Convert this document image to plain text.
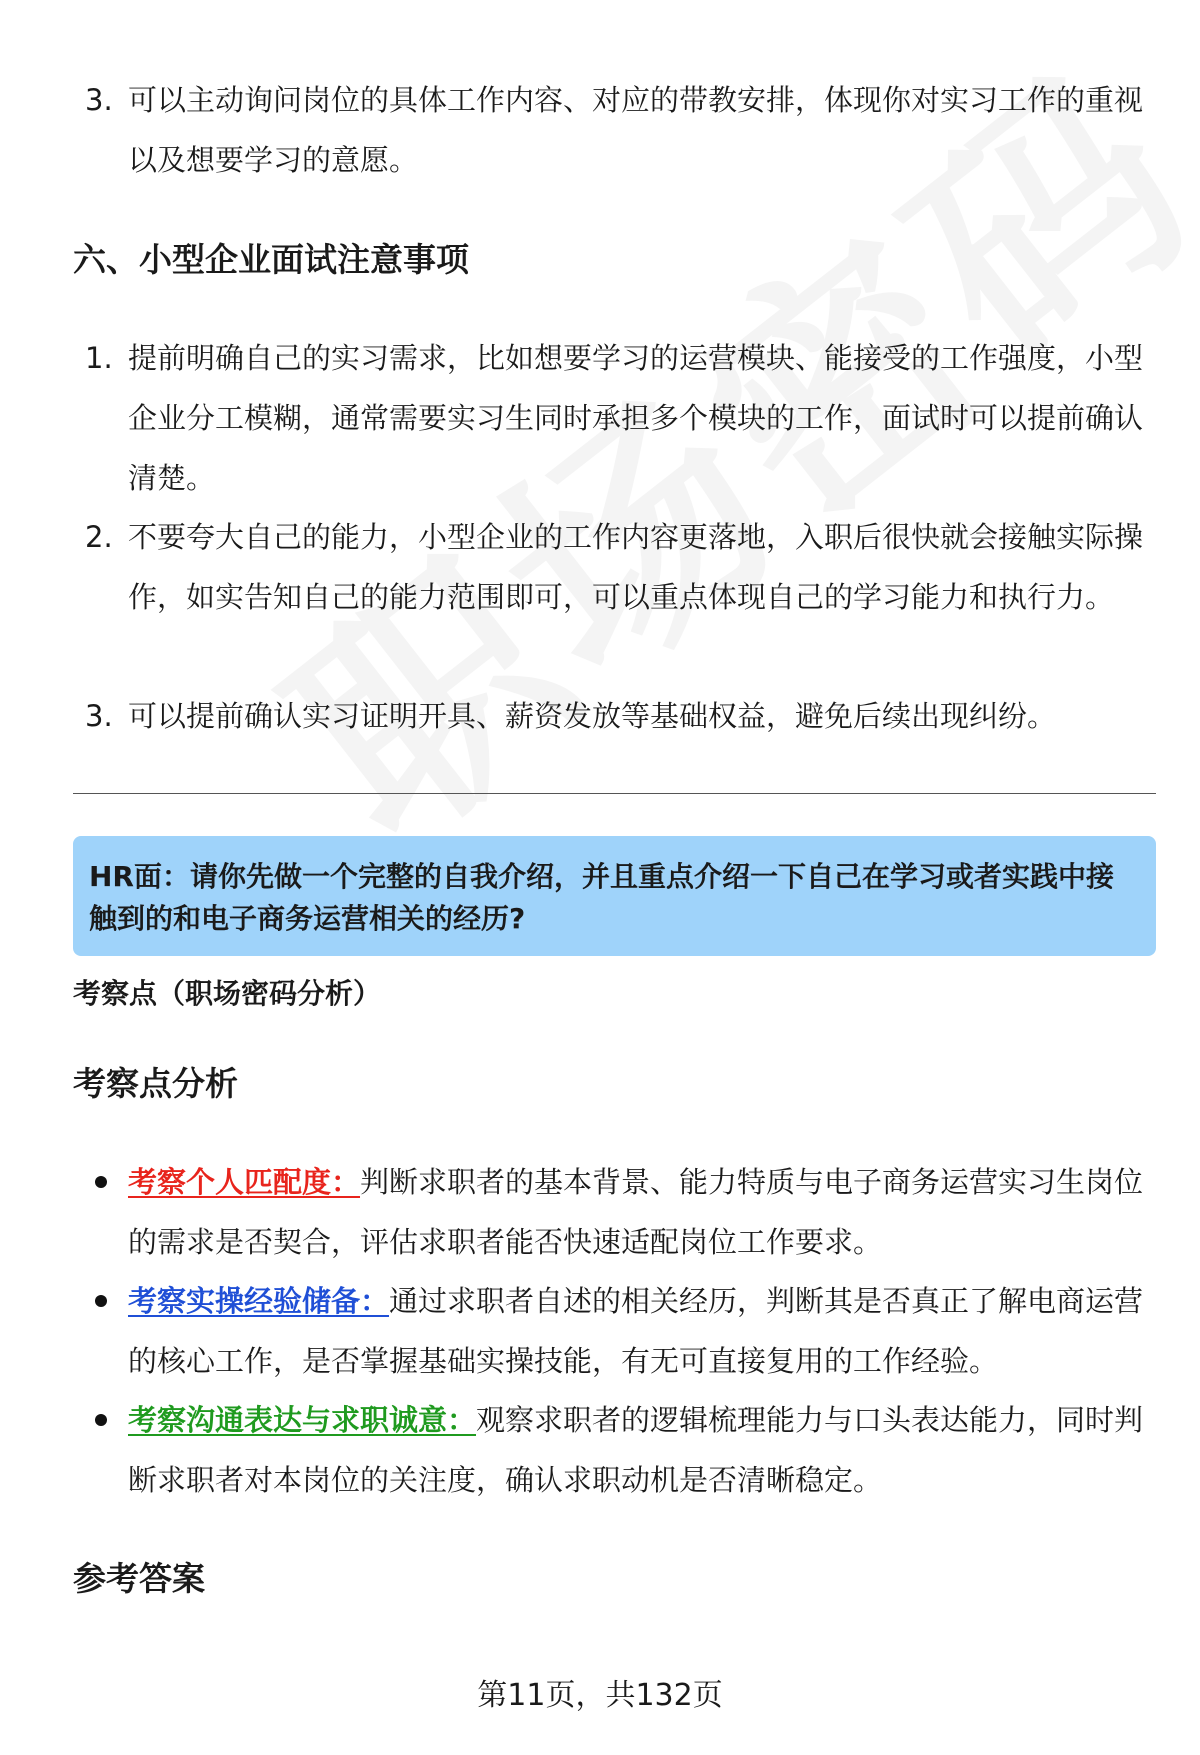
3. 可以主动询问岗位的具体工作内容、对应的带教安排，体现你对实习工作的重视以及想要学习的意愿。
六、小型企业面试注意事项
1. 提前明确自己的实习需求，比如想要学习的运营模块、能接受的工作强度，小型企业分工模糊，通常需要实习生同时承担多个模块的工作，面试时可以提前确认清楚。
2. 不要夸大自己的能力，小型企业的工作内容更落地，入职后很快就会接触实际操作，如实告知自己的能力范围即可，可以重点体现自己的学习能力和执行力。
3. 可以提前确认实习证明开具、薪资发放等基础权益，避免后续出现纠纷。
HR面：请你先做一个完整的自我介绍，并且重点介绍一下自己在学习或者实践中接触到的和电子商务运营相关的经历?
考察点（职场密码分析）
考察点分析
考察个人匹配度：判断求职者的基本背景、能力特质与电子商务运营实习生岗位的需求是否契合，评估求职者能否快速适配岗位工作要求。
考察实操经验储备：通过求职者自述的相关经历，判断其是否真正了解电商运营的核心工作，是否掌握基础实操技能，有无可直接复用的工作经验。
考察沟通表达与求职诚意：观察求职者的逻辑梳理能力与口头表达能力，同时判断求职者对本岗位的关注度，确认求职动机是否清晰稳定。
参考答案
第11页，共132页
